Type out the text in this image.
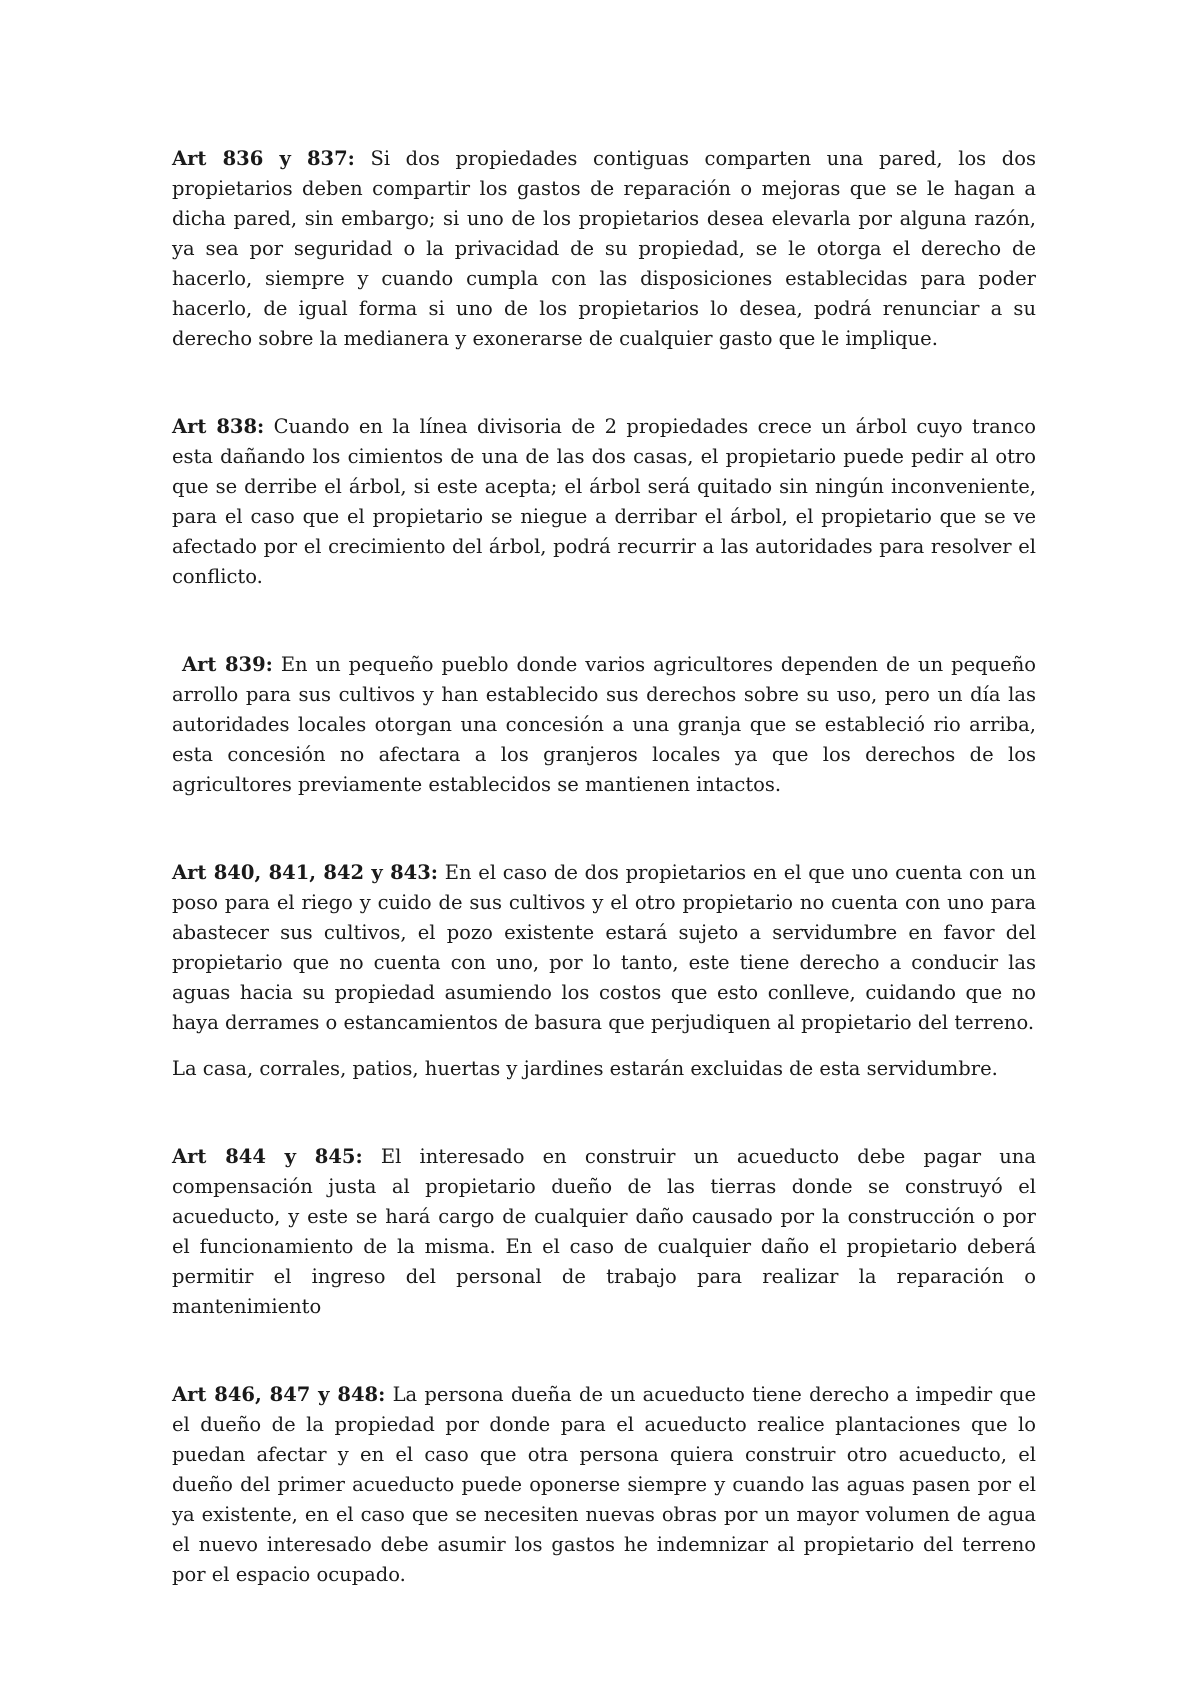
Art 836 y 837: Si dos propiedades contiguas comparten una pared, los dos propietarios deben compartir los gastos de reparación o mejoras que se le hagan a dicha pared, sin embargo; si uno de los propietarios desea elevarla por alguna razón, ya sea por seguridad o la privacidad de su propiedad, se le otorga el derecho de hacerlo, siempre y cuando cumpla con las disposiciones establecidas para poder hacerlo, de igual forma si uno de los propietarios lo desea, podrá renunciar a su derecho sobre la medianera y exonerarse de cualquier gasto que le implique.

Art 838: Cuando en la línea divisoria de 2 propiedades crece un árbol cuyo tranco esta dañando los cimientos de una de las dos casas, el propietario puede pedir al otro que se derribe el árbol, si este acepta; el árbol será quitado sin ningún inconveniente, para el caso que el propietario se niegue a derribar el árbol, el propietario que se ve afectado por el crecimiento del árbol, podrá recurrir a las autoridades para resolver el conflicto.

Art 839: En un pequeño pueblo donde varios agricultores dependen de un pequeño arrollo para sus cultivos y han establecido sus derechos sobre su uso, pero un día las autoridades locales otorgan una concesión a una granja que se estableció rio arriba, esta concesión no afectara a los granjeros locales ya que los derechos de los agricultores previamente establecidos se mantienen intactos.

Art 840, 841, 842 y 843: En el caso de dos propietarios en el que uno cuenta con un poso para el riego y cuido de sus cultivos y el otro propietario no cuenta con uno para abastecer sus cultivos, el pozo existente estará sujeto a servidumbre en favor del propietario que no cuenta con uno, por lo tanto, este tiene derecho a conducir las aguas hacia su propiedad asumiendo los costos que esto conlleve, cuidando que no haya derrames o estancamientos de basura que perjudiquen al propietario del terreno.

La casa, corrales, patios, huertas y jardines estarán excluidas de esta servidumbre.

Art 844 y 845: El interesado en construir un acueducto debe pagar una compensación justa al propietario dueño de las tierras donde se construyó el acueducto, y este se hará cargo de cualquier daño causado por la construcción o por el funcionamiento de la misma. En el caso de cualquier daño el propietario deberá permitir el ingreso del personal de trabajo para realizar la reparación o mantenimiento

Art 846, 847 y 848: La persona dueña de un acueducto tiene derecho a impedir que el dueño de la propiedad por donde para el acueducto realice plantaciones que lo puedan afectar y en el caso que otra persona quiera construir otro acueducto, el dueño del primer acueducto puede oponerse siempre y cuando las aguas pasen por el ya existente, en el caso que se necesiten nuevas obras por un mayor volumen de agua el nuevo interesado debe asumir los gastos he indemnizar al propietario del terreno por el espacio ocupado.
